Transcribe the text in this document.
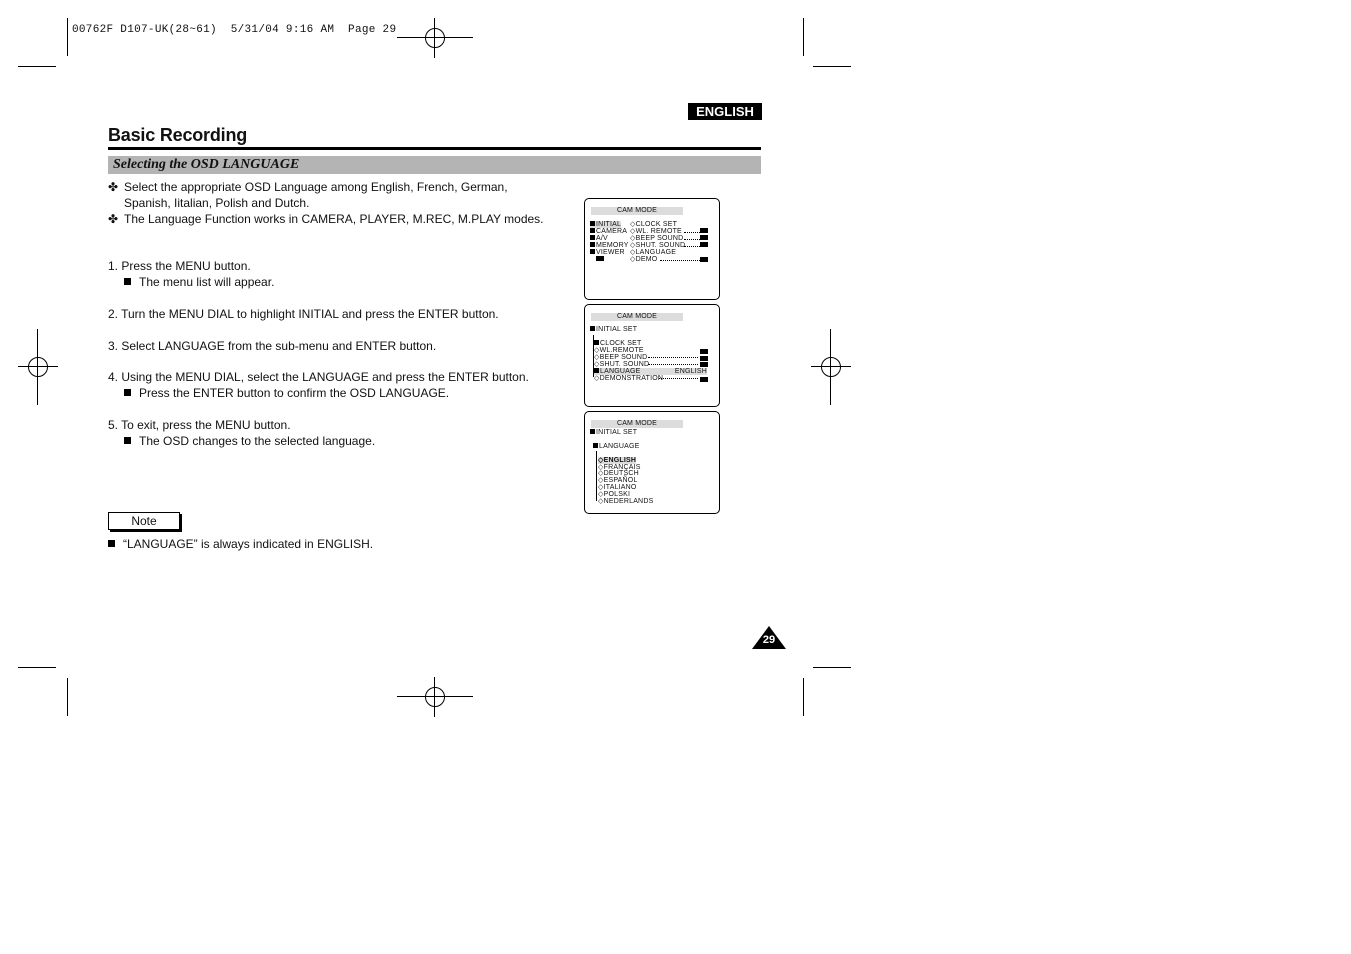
00762F D107-UK(28~61)  5/31/04 9:16 AM  Page 29
ENGLISH
Basic Recording
Selecting the OSD LANGUAGE
✤ Select the appropriate OSD Language among English, French, German,
Spanish, Iitalian, Polish and Dutch.
✤ The Language Function works in CAMERA, PLAYER, M.REC, M.PLAY modes.
1. Press the MENU button.
The menu list will appear.
2. Turn the MENU DIAL to highlight INITIAL and press the ENTER button.
3. Select LANGUAGE from the sub-menu and ENTER button.
4. Using the MENU DIAL, select the LANGUAGE and press the ENTER button.
Press the ENTER button to confirm the OSD LANGUAGE.
5. To exit, press the MENU button.
The OSD changes to the selected language.
Note
“LANGUAGE” is always indicated in ENGLISH.
CAM MODE
INITIAL
CAMERA
A/V
MEMORY
VIEWER
◇CLOCK SET
◇WL. REMOTE
◇BEEP SOUND
◇SHUT. SOUND
◇LANGUAGE
◇DEMO
CAM MODE
INITIAL SET
CLOCK SET
◇WL.REMOTE
◇BEEP SOUND
◇SHUT. SOUND
LANGUAGE	ENGLISH
◇DEMONSTRATION
CAM MODE
INITIAL SET
LANGUAGE
◇ENGLISH
◇FRANÇAIS
◇DEUTSCH
◇ESPAÑOL
◇ITALIANO
◇POLSKI
◇NEDERLANDS
29
